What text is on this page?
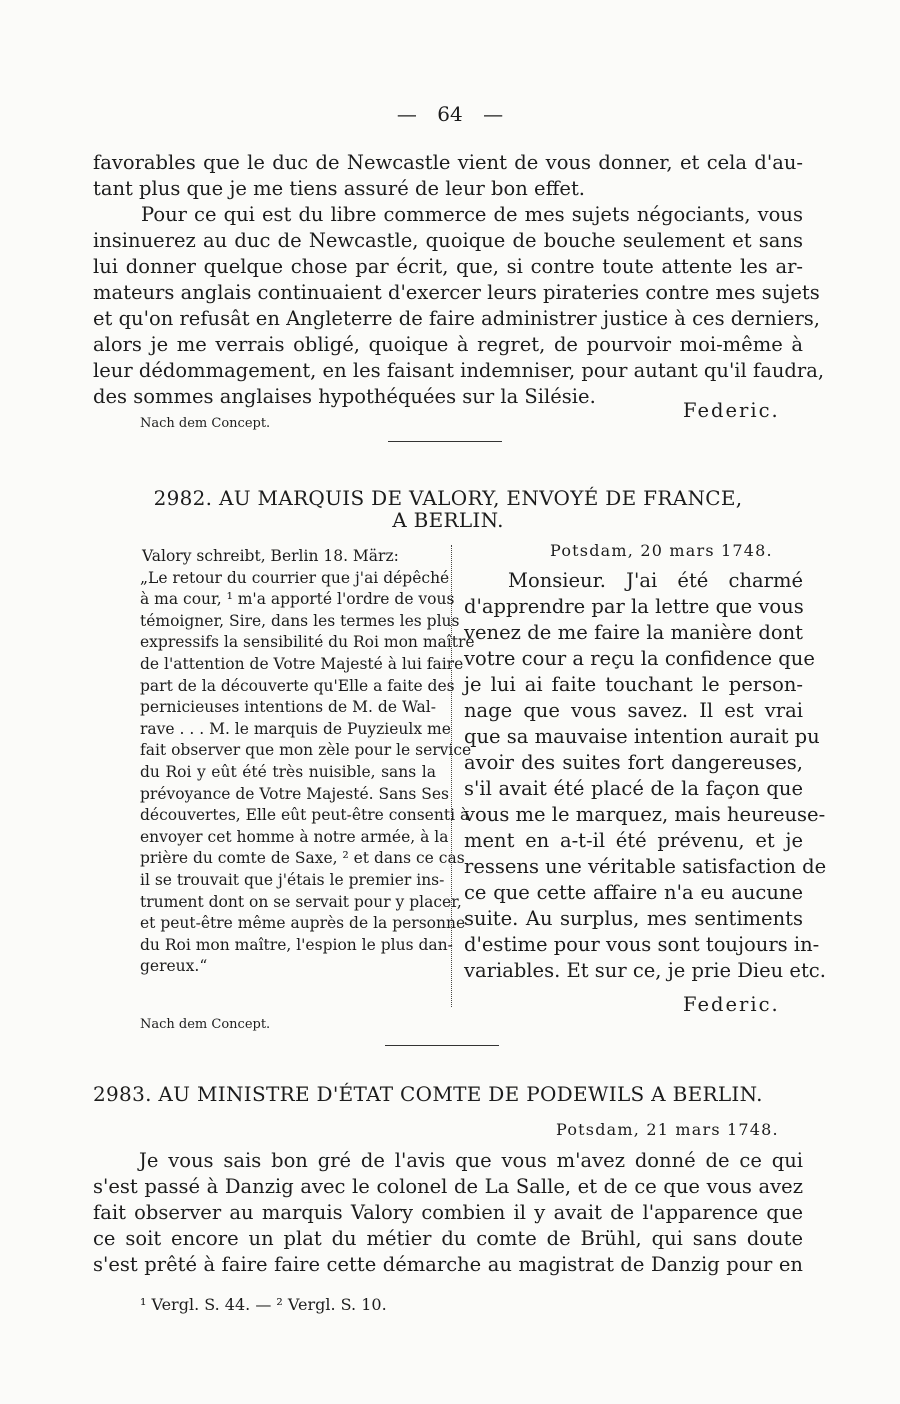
— 64 —
favorables que le duc de Newcastle vient de vous donner, et cela d'au-
tant plus que je me tiens assuré de leur bon effet.
Pour ce qui est du libre commerce de mes sujets négociants, vous
insinuerez au duc de Newcastle, quoique de bouche seulement et sans
lui donner quelque chose par écrit, que, si contre toute attente les ar-
mateurs anglais continuaient d'exercer leurs pirateries contre mes sujets
et qu'on refusât en Angleterre de faire administrer justice à ces derniers,
alors je me verrais obligé, quoique à regret, de pourvoir moi-même à
leur dédommagement, en les faisant indemniser, pour autant qu'il faudra,
des sommes anglaises hypothéquées sur la Silésie.
Federic.
Nach dem Concept.
2982. AU MARQUIS DE VALORY, ENVOYÉ DE FRANCE,
A BERLIN.
Potsdam, 20 mars 1748.
Valory schreibt, Berlin 18. März:
„Le retour du courrier que j'ai dépêché
à ma cour, ¹ m'a apporté l'ordre de vous
témoigner, Sire, dans les termes les plus
expressifs la sensibilité du Roi mon maître
de l'attention de Votre Majesté à lui faire
part de la découverte qu'Elle a faite des
pernicieuses intentions de M. de Wal-
rave . . . M. le marquis de Puyzieulx me
fait observer que mon zèle pour le service
du Roi y eût été très nuisible, sans la
prévoyance de Votre Majesté. Sans Ses
découvertes, Elle eût peut-être consenti à
envoyer cet homme à notre armée, à la
prière du comte de Saxe, ² et dans ce cas
il se trouvait que j'étais le premier ins-
trument dont on se servait pour y placer,
et peut-être même auprès de la personne
du Roi mon maître, l'espion le plus dan-
gereux.“
Monsieur. J'ai été charmé
d'apprendre par la lettre que vous
venez de me faire la manière dont
votre cour a reçu la confidence que
je lui ai faite touchant le person-
nage que vous savez. Il est vrai
que sa mauvaise intention aurait pu
avoir des suites fort dangereuses,
s'il avait été placé de la façon que
vous me le marquez, mais heureuse-
ment en a-t-il été prévenu, et je
ressens une véritable satisfaction de
ce que cette affaire n'a eu aucune
suite. Au surplus, mes sentiments
d'estime pour vous sont toujours in-
variables. Et sur ce, je prie Dieu etc.
Federic.
Nach dem Concept.
2983. AU MINISTRE D'ÉTAT COMTE DE PODEWILS A BERLIN.
Potsdam, 21 mars 1748.
Je vous sais bon gré de l'avis que vous m'avez donné de ce qui
s'est passé à Danzig avec le colonel de La Salle, et de ce que vous avez
fait observer au marquis Valory combien il y avait de l'apparence que
ce soit encore un plat du métier du comte de Brühl, qui sans doute
s'est prêté à faire faire cette démarche au magistrat de Danzig pour en
¹ Vergl. S. 44. — ² Vergl. S. 10.
